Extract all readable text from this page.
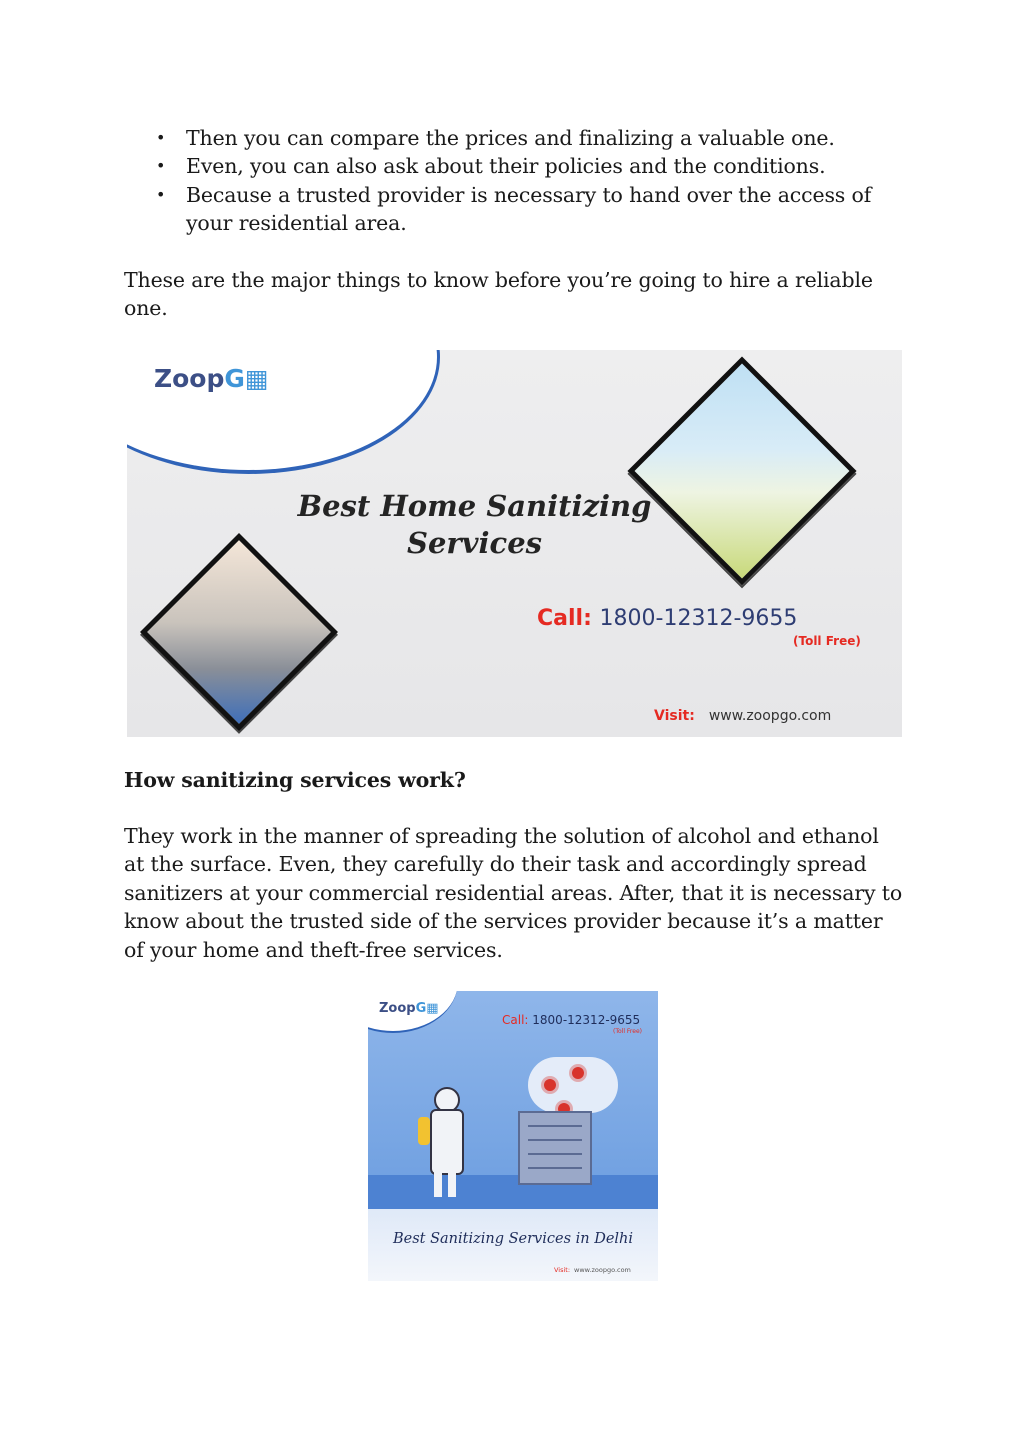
• Then you can compare the prices and finalizing a valuable one.
• Even, you can also ask about their policies and the conditions.
• Because a trusted provider is necessary to hand over the access of your residential area.
These are the major things to know before you’re going to hire a reliable one.
ZoopG▦
Best Home Sanitizing
Services
Call: 1800-12312-9655
(Toll Free)
Visit: www.zoopgo.com
How sanitizing services work?
They work in the manner of spreading the solution of alcohol and ethanol at the surface. Even, they carefully do their task and accordingly spread sanitizers at your commercial residential areas. After, that it is necessary to know about the trusted side of the services provider because it’s a matter of your home and theft-free services.
ZoopG▦
Call: 1800-12312-9655
(Toll Free)
Best Sanitizing Services in Delhi
Visit: www.zoopgo.com
